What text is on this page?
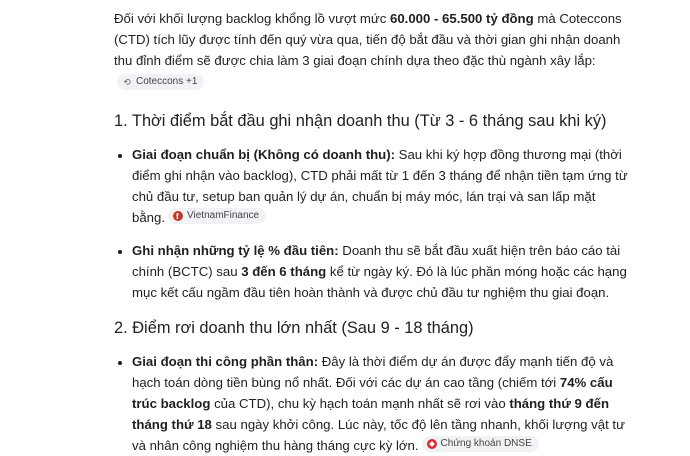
Đối với khối lượng backlog khổng lồ vượt mức 60.000 - 65.500 tỷ đồng mà Coteccons (CTD) tích lũy được tính đến quý vừa qua, tiến độ bắt đầu và thời gian ghi nhận doanh thu đỉnh điểm sẽ được chia làm 3 giai đoạn chính dựa theo đặc thù ngành xây lắp:
⟲ Coteccons +1

1. Thời điểm bắt đầu ghi nhận doanh thu (Từ 3 - 6 tháng sau khi ký)
• Giai đoạn chuẩn bị (Không có doanh thu): Sau khi ký hợp đồng thương mại (thời điểm ghi nhận vào backlog), CTD phải mất từ 1 đến 3 tháng để nhận tiền tạm ứng từ chủ đầu tư, setup ban quản lý dự án, chuẩn bị máy móc, lán trại và san lấp mặt bằng.
f VietnamFinance
• Ghi nhận những tỷ lệ % đầu tiên: Doanh thu sẽ bắt đầu xuất hiện trên báo cáo tài chính (BCTC) sau 3 đến 6 tháng kể từ ngày ký. Đó là lúc phần móng hoặc các hạng mục kết cấu ngầm đầu tiên hoàn thành và được chủ đầu tư nghiệm thu giai đoạn.
2. Điểm rơi doanh thu lớn nhất (Sau 9 - 18 tháng)
• Giai đoạn thi công phần thân: Đây là thời điểm dự án được đẩy mạnh tiến độ và hạch toán dòng tiền bùng nổ nhất. Đối với các dự án cao tầng (chiếm tới 74% cấu trúc backlog của CTD), chu kỳ hạch toán mạnh nhất sẽ rơi vào tháng thứ 9 đến tháng thứ 18 sau ngày khởi công. Lúc này, tốc độ lên tầng nhanh, khối lượng vật tư và nhân công nghiệm thu hàng tháng cực kỳ lớn. Chứng khoán DNSE
